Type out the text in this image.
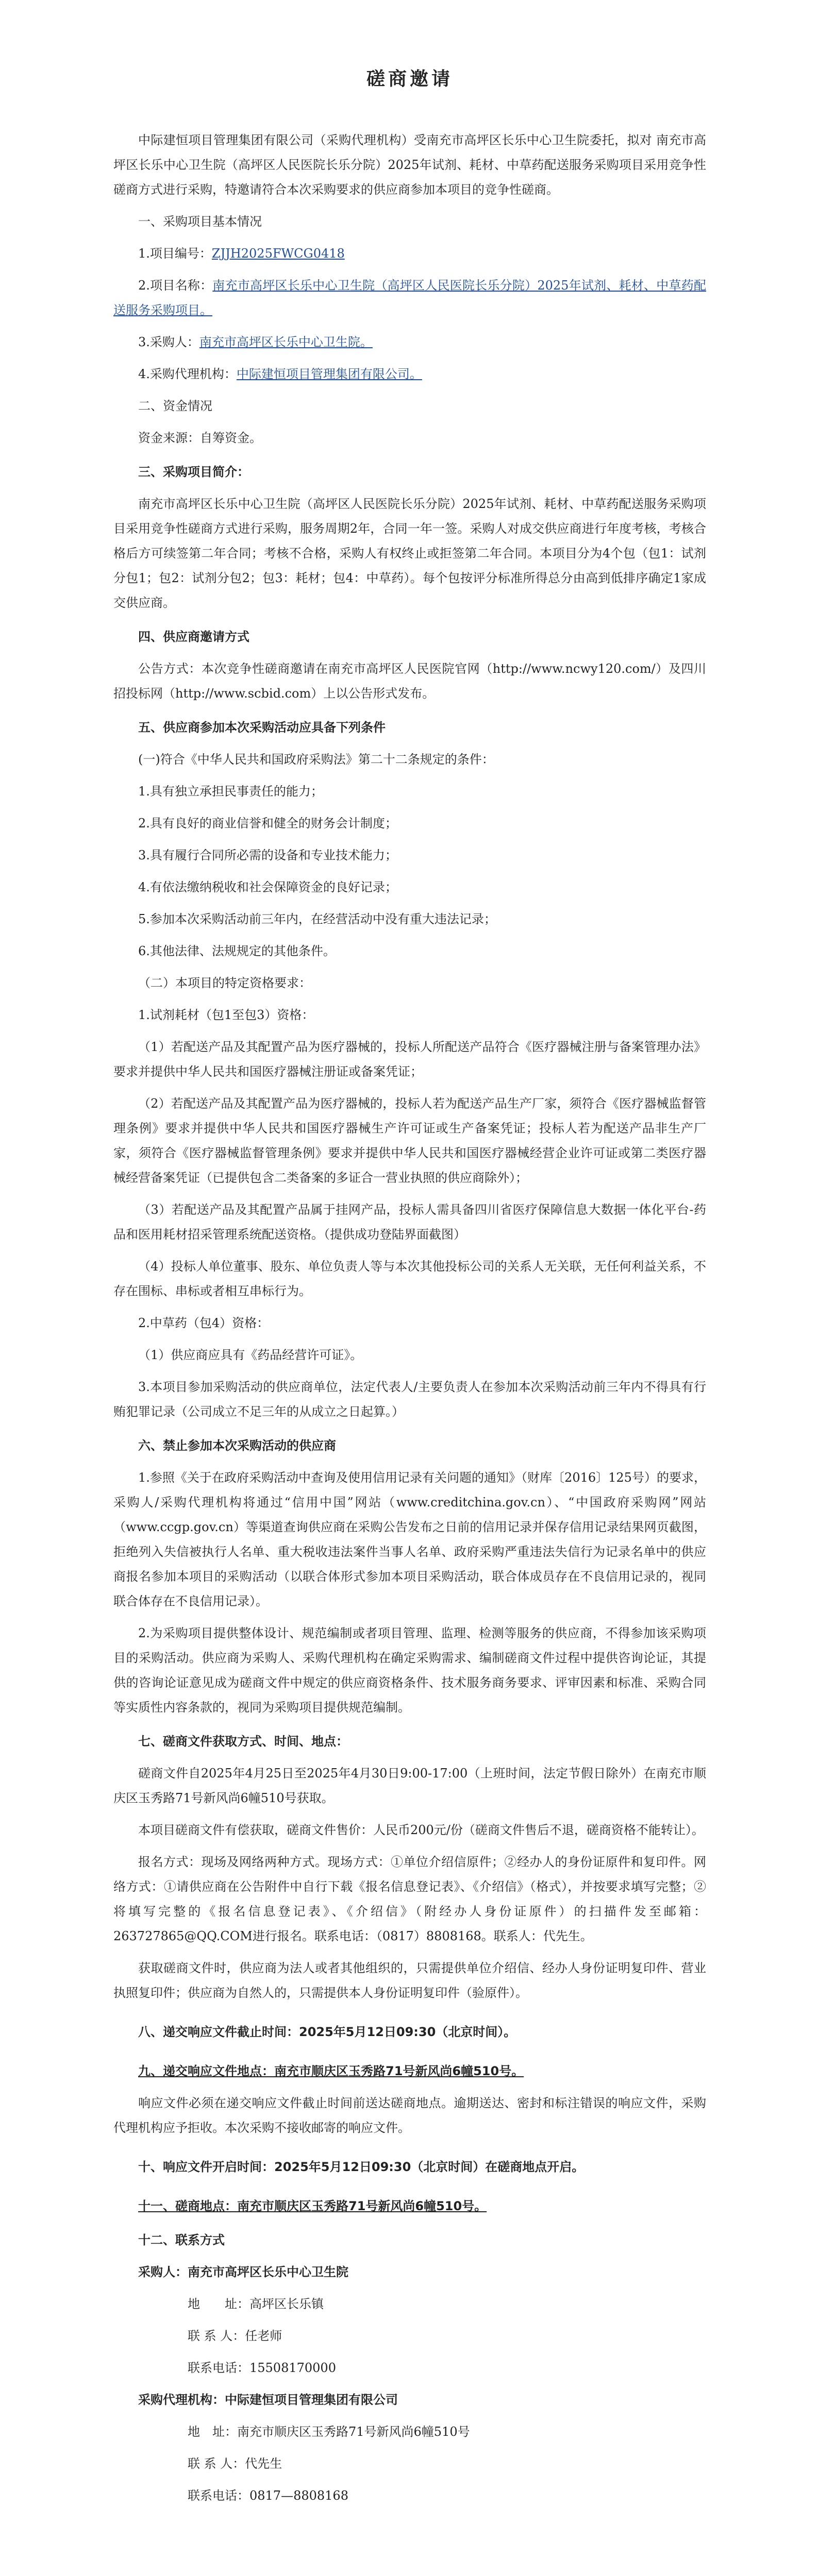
磋商邀请

中际建恒项目管理集团有限公司（采购代理机构）受南充市高坪区长乐中心卫生院委托，拟对 南充市高坪区长乐中心卫生院（高坪区人民医院长乐分院）2025年试剂、耗材、中草药配送服务采购项目采用竞争性磋商方式进行采购，特邀请符合本次采购要求的供应商参加本项目的竞争性磋商。

一、采购项目基本情况

1.项目编号：ZJJH2025FWCG0418

2.项目名称：南充市高坪区长乐中心卫生院（高坪区人民医院长乐分院）2025年试剂、耗材、中草药配送服务采购项目。

3.采购人：南充市高坪区长乐中心卫生院。

4.采购代理机构：中际建恒项目管理集团有限公司。

二、资金情况

资金来源：自筹资金。

三、采购项目简介：

南充市高坪区长乐中心卫生院（高坪区人民医院长乐分院）2025年试剂、耗材、中草药配送服务采购项目采用竞争性磋商方式进行采购，服务周期2年，合同一年一签。采购人对成交供应商进行年度考核，考核合格后方可续签第二年合同；考核不合格，采购人有权终止或拒签第二年合同。本项目分为4个包（包1：试剂分包1；包2：试剂分包2；包3：耗材；包4：中草药）。每个包按评分标准所得总分由高到低排序确定1家成交供应商。

四、供应商邀请方式

公告方式：本次竞争性磋商邀请在南充市高坪区人民医院官网（http://www.ncwy120.com/）及四川招投标网（http://www.scbid.com）上以公告形式发布。

五、供应商参加本次采购活动应具备下列条件

(一)符合《中华人民共和国政府采购法》第二十二条规定的条件：

1.具有独立承担民事责任的能力；

2.具有良好的商业信誉和健全的财务会计制度；

3.具有履行合同所必需的设备和专业技术能力；

4.有依法缴纳税收和社会保障资金的良好记录；

5.参加本次采购活动前三年内，在经营活动中没有重大违法记录；

6.其他法律、法规规定的其他条件。

（二）本项目的特定资格要求：

1.试剂耗材（包1至包3）资格：

（1）若配送产品及其配置产品为医疗器械的，投标人所配送产品符合《医疗器械注册与备案管理办法》要求并提供中华人民共和国医疗器械注册证或备案凭证；

（2）若配送产品及其配置产品为医疗器械的，投标人若为配送产品生产厂家，须符合《医疗器械监督管理条例》要求并提供中华人民共和国医疗器械生产许可证或生产备案凭证；投标人若为配送产品非生产厂家，须符合《医疗器械监督管理条例》要求并提供中华人民共和国医疗器械经营企业许可证或第二类医疗器械经营备案凭证（已提供包含二类备案的多证合一营业执照的供应商除外）；

（3）若配送产品及其配置产品属于挂网产品，投标人需具备四川省医疗保障信息大数据一体化平台-药品和医用耗材招采管理系统配送资格。（提供成功登陆界面截图）

（4）投标人单位董事、股东、单位负责人等与本次其他投标公司的关系人无关联，无任何利益关系，不存在围标、串标或者相互串标行为。

2.中草药（包4）资格：

（1）供应商应具有《药品经营许可证》。

3.本项目参加采购活动的供应商单位，法定代表人/主要负责人在参加本次采购活动前三年内不得具有行贿犯罪记录（公司成立不足三年的从成立之日起算。）

六、禁止参加本次采购活动的供应商

1.参照《关于在政府采购活动中查询及使用信用记录有关问题的通知》（财库〔2016〕125号）的要求，采购人/采购代理机构将通过“信用中国”网站（www.creditchina.gov.cn）、“中国政府采购网”网站（www.ccgp.gov.cn）等渠道查询供应商在采购公告发布之日前的信用记录并保存信用记录结果网页截图，拒绝列入失信被执行人名单、重大税收违法案件当事人名单、政府采购严重违法失信行为记录名单中的供应商报名参加本项目的采购活动（以联合体形式参加本项目采购活动，联合体成员存在不良信用记录的，视同联合体存在不良信用记录）。

2.为采购项目提供整体设计、规范编制或者项目管理、监理、检测等服务的供应商，不得参加该采购项目的采购活动。供应商为采购人、采购代理机构在确定采购需求、编制磋商文件过程中提供咨询论证，其提供的咨询论证意见成为磋商文件中规定的供应商资格条件、技术服务商务要求、评审因素和标准、采购合同等实质性内容条款的，视同为采购项目提供规范编制。

七、磋商文件获取方式、时间、地点：

磋商文件自2025年4月25日至2025年4月30日9:00-17:00（上班时间，法定节假日除外）在南充市顺庆区玉秀路71号新风尚6幢510号获取。

本项目磋商文件有偿获取，磋商文件售价：人民币200元/份（磋商文件售后不退，磋商资格不能转让）。

报名方式：现场及网络两种方式。现场方式：①单位介绍信原件；②经办人的身份证原件和复印件。网络方式：①请供应商在公告附件中自行下载《报名信息登记表》、《介绍信》（格式），并按要求填写完整；②将填写完整的《报名信息登记表》、《介绍信》（附经办人身份证原件）的扫描件发至邮箱：263727865@QQ.COM进行报名。联系电话：（0817）8808168。联系人：代先生。

获取磋商文件时，供应商为法人或者其他组织的，只需提供单位介绍信、经办人身份证明复印件、营业执照复印件；供应商为自然人的，只需提供本人身份证明复印件（验原件）。

八、递交响应文件截止时间：2025年5月12日09:30（北京时间）。

九、递交响应文件地点：南充市顺庆区玉秀路71号新风尚6幢510号。

响应文件必须在递交响应文件截止时间前送达磋商地点。逾期送达、密封和标注错误的响应文件，采购代理机构应予拒收。本次采购不接收邮寄的响应文件。

十、响应文件开启时间：2025年5月12日09:30（北京时间）在磋商地点开启。

十一、磋商地点：南充市顺庆区玉秀路71号新风尚6幢510号。

十二、联系方式

采购人：南充市高坪区长乐中心卫生院

地　　址：高坪区长乐镇

联 系 人：任老师

联系电话：15508170000

采购代理机构：中际建恒项目管理集团有限公司

地　址：南充市顺庆区玉秀路71号新风尚6幢510号

联 系 人：代先生

联系电话：0817—8808168
